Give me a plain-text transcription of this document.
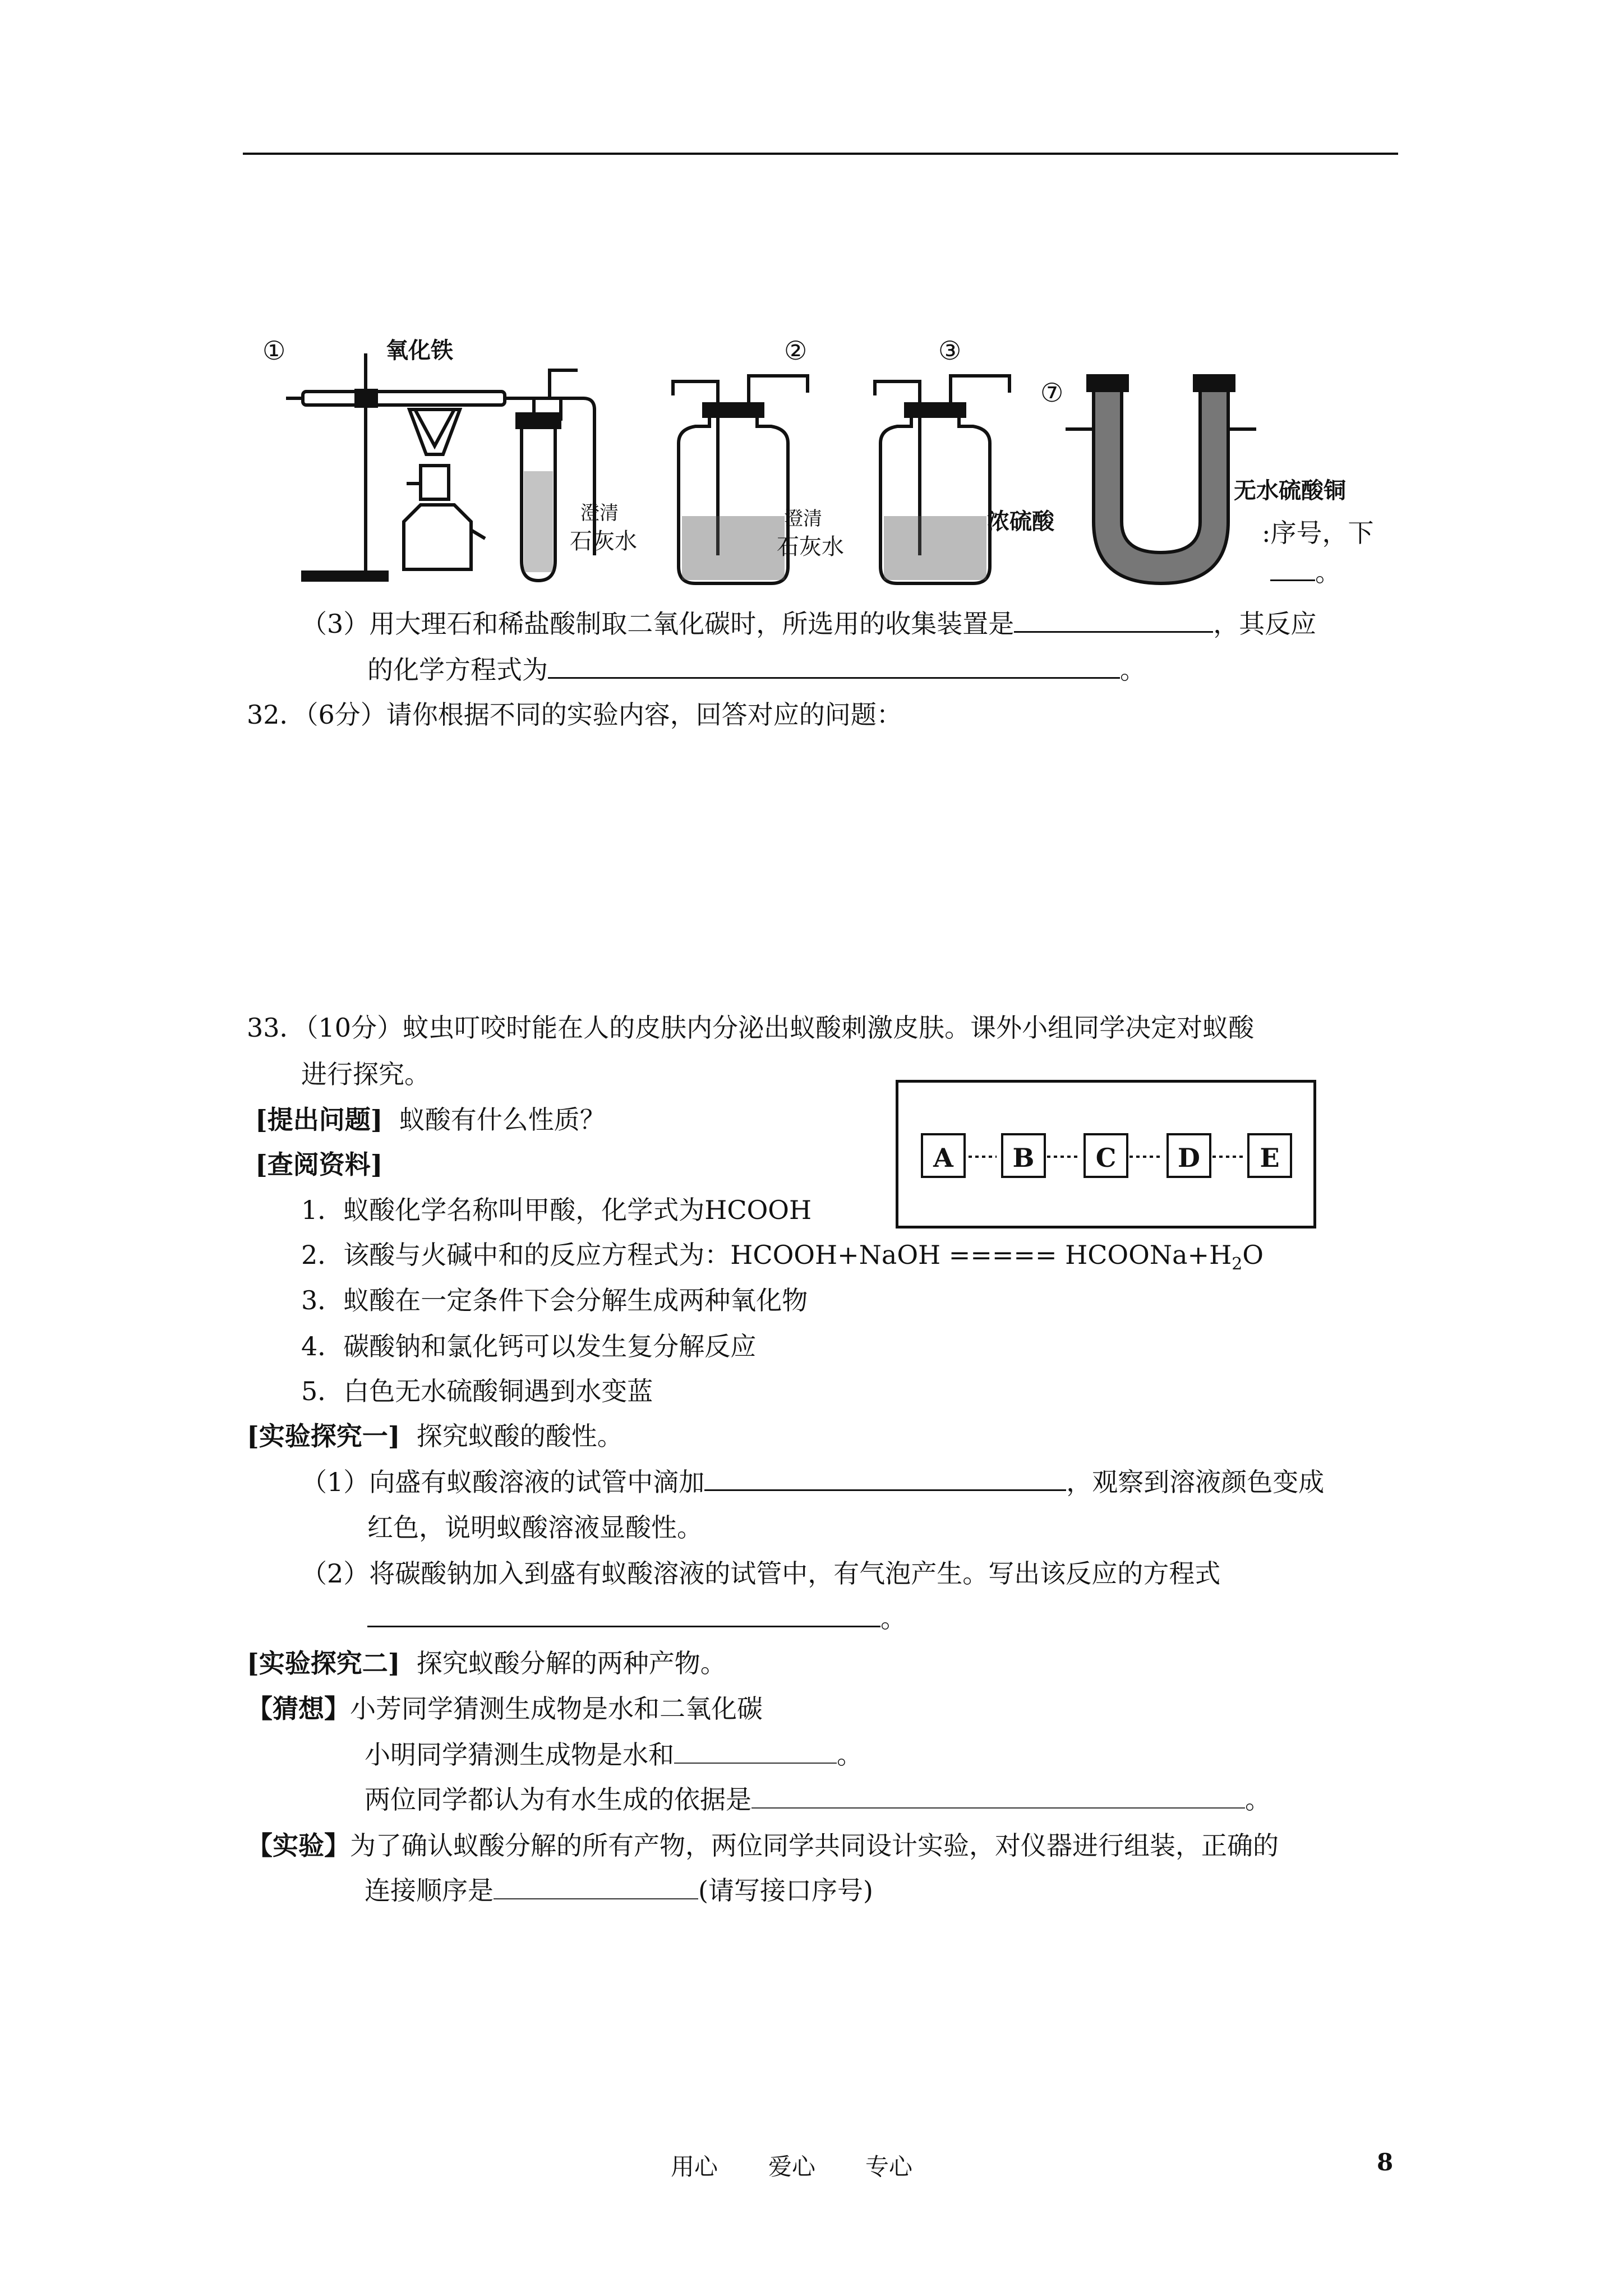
①	氧化铁
澄清
石灰水
②
澄清
石灰水
③
浓硫酸
⑦
无水硫酸铜
:序号，下
。
（3）用大理石和稀盐酸制取二氧化碳时，所选用的收集装置是	，其反应
的化学方程式为	。
32．（6分）请你根据不同的实验内容，回答对应的问题：
33．（10分）蚊虫叮咬时能在人的皮肤内分泌出蚁酸刺激皮肤。课外小组同学决定对蚁酸
进行探究。
[提出问题] 蚁酸有什么性质？
[查阅资料]	A	B	C	D	E
1．蚁酸化学名称叫甲酸，化学式为HCOOH
2．该酸与火碱中和的反应方程式为：HCOOH+NaOH ===== $HCOONa+H_2O$
3．蚁酸在一定条件下会分解生成两种氧化物
4．碳酸钠和氯化钙可以发生复分解反应
5．白色无水硫酸铜遇到水变蓝
[实验探究一] 探究蚁酸的酸性。
（1）向盛有蚁酸溶液的试管中滴加	，观察到溶液颜色变成
红色，说明蚁酸溶液显酸性。
（2）将碳酸钠加入到盛有蚁酸溶液的试管中，有气泡产生。写出该反应的方程式
。
[实验探究二] 探究蚁酸分解的两种产物。
【猜想】小芳同学猜测生成物是水和二氧化碳
小明同学猜测生成物是水和	。
两位同学都认为有水生成的依据是	。
【实验】为了确认蚁酸分解的所有产物，两位同学共同设计实验，对仪器进行组装，正确的
连接顺序是	(请写接口序号)
用心 爱心 专心	8
